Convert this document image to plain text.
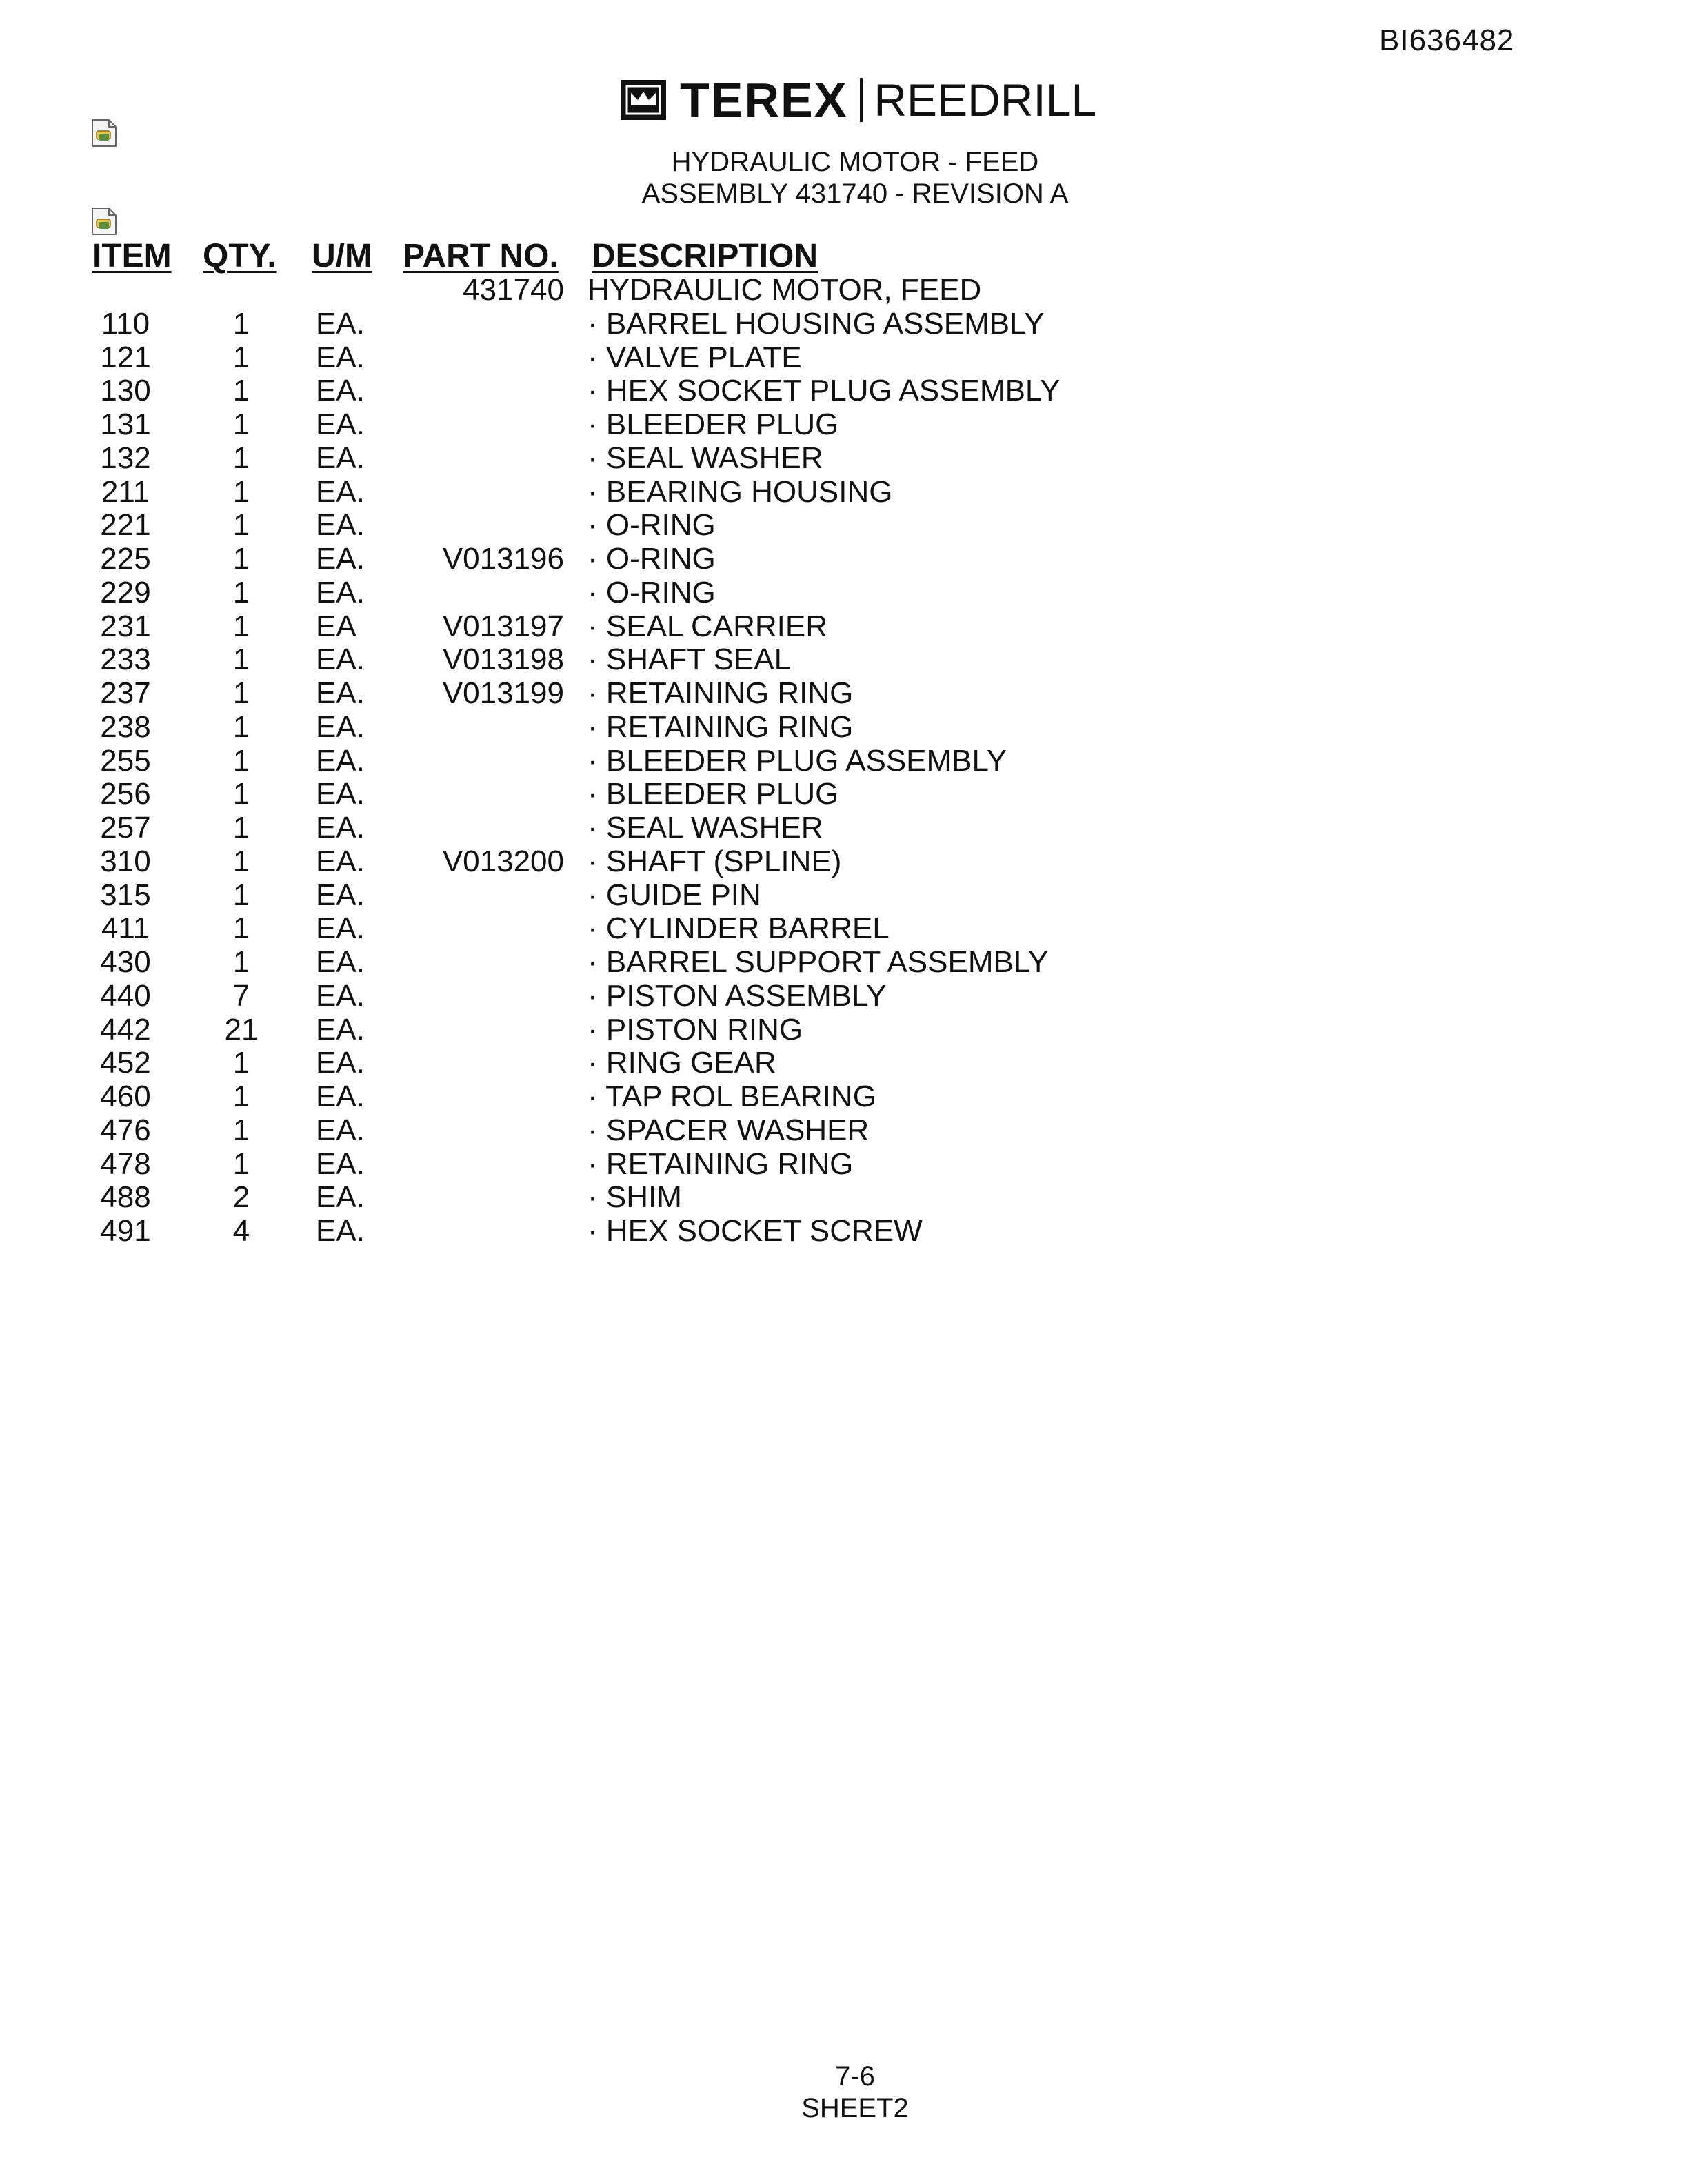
BI636482
TEREX REEDRILL
HYDRAULIC MOTOR - FEED
ASSEMBLY 431740 - REVISION A
ITEM QTY. U/M PART NO. DESCRIPTION
431740 HYDRAULIC MOTOR, FEED
110	1	EA.	· BARREL HOUSING ASSEMBLY
121	1	EA.	· VALVE PLATE
130	1	EA.	· HEX SOCKET PLUG ASSEMBLY
131	1	EA.	· BLEEDER PLUG
132	1	EA.	· SEAL WASHER
211	1	EA.	· BEARING HOUSING
221	1	EA.	· O-RING
225	1	EA.	V013196 · O-RING
229	1	EA.	· O-RING
231	1	EA	V013197 · SEAL CARRIER
233	1	EA.	V013198 · SHAFT SEAL
237	1	EA.	V013199 · RETAINING RING
238	1	EA.	· RETAINING RING
255	1	EA.	· BLEEDER PLUG ASSEMBLY
256	1	EA.	· BLEEDER PLUG
257	1	EA.	· SEAL WASHER
310	1	EA.	V013200 · SHAFT (SPLINE)
315	1	EA.	· GUIDE PIN
411	1	EA.	· CYLINDER BARREL
430	1	EA.	· BARREL SUPPORT ASSEMBLY
440	7	EA.	· PISTON ASSEMBLY
442	21	EA.	· PISTON RING
452	1	EA.	· RING GEAR
460	1	EA.	· TAP ROL BEARING
476	1	EA.	· SPACER WASHER
478	1	EA.	· RETAINING RING
488	2	EA.	· SHIM
491	4	EA.	· HEX SOCKET SCREW
7-6
SHEET2
